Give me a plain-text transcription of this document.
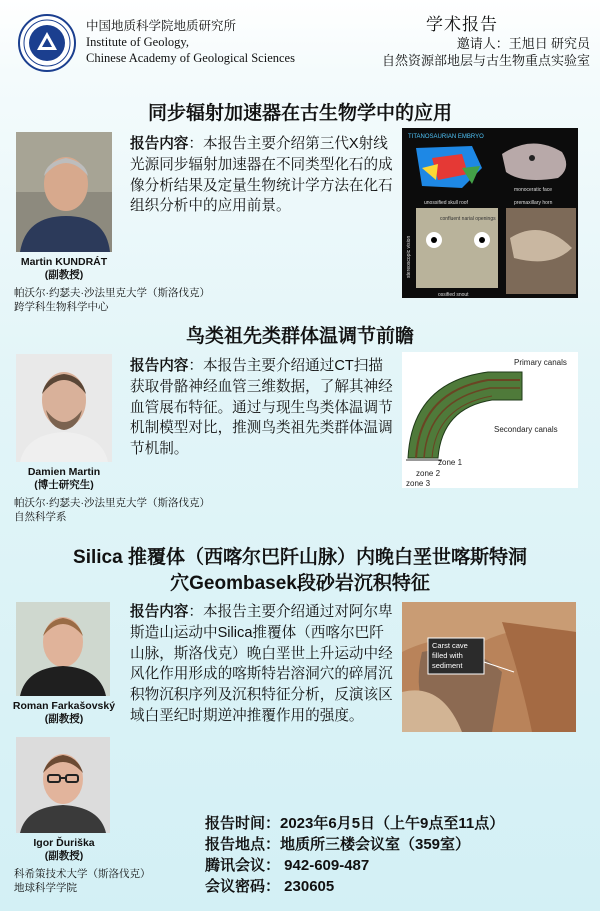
中国地质科学院地质研究所
Institute of Geology,
Chinese Academy of Geological Sciences
学术报告
邀请人：王旭日 研究员
自然资源部地层与古生物重点实验室
同步辐射加速器在古生物学中的应用
Martin KUNDRÁT
(副教授)
帕沃尔·约瑟夫·沙法里克大学（斯洛伐克）
跨学科生物科学中心
报告内容：本报告主要介绍第三代X射线光源同步辐射加速器在不同类型化石的成像分析结果及定量生物统计学方法在化石组织分析中的应用前景。
TITANOSAURIAN EMBRYO
monoceratic face
unossified skull roof
confluent narial openings
ossified snout
stereoscopic vision
premaxillary horn
鸟类祖先类群体温调节前瞻
Damien Martin
(博士研究生)
帕沃尔·约瑟夫·沙法里克大学（斯洛伐克）
自然科学系
报告内容：本报告主要介绍通过CT扫描获取骨骼神经血管三维数据，了解其神经血管展布特征。通过与现生鸟类体温调节机制模型对比，推测鸟类祖先类群体温调节机制。
Primary canals
Secondary canals
zone 1
zone 2
zone 3
Silica 推覆体（西喀尔巴阡山脉）内晚白垩世喀斯特洞
穴Geombasek段砂岩沉积特征
Roman Farkašovský
(副教授)
Igor Ďuriška
(副教授)
科希策技术大学（斯洛伐克）
地球科学学院
报告内容：本报告主要介绍通过对阿尔卑斯造山运动中Silica推覆体（西喀尔巴阡山脉，斯洛伐克）晚白垩世上升运动中经风化作用形成的喀斯特岩溶洞穴的碎屑沉积物沉积序列及沉积特征分析，反演该区域白垩纪时期逆冲推覆作用的强度。
Carst cave
filled with
sediment
报告时间：2023年6月5日（上午9点至11点）
报告地点：地质所三楼会议室（359室）
腾讯会议： 942-609-487
会议密码： 230605
